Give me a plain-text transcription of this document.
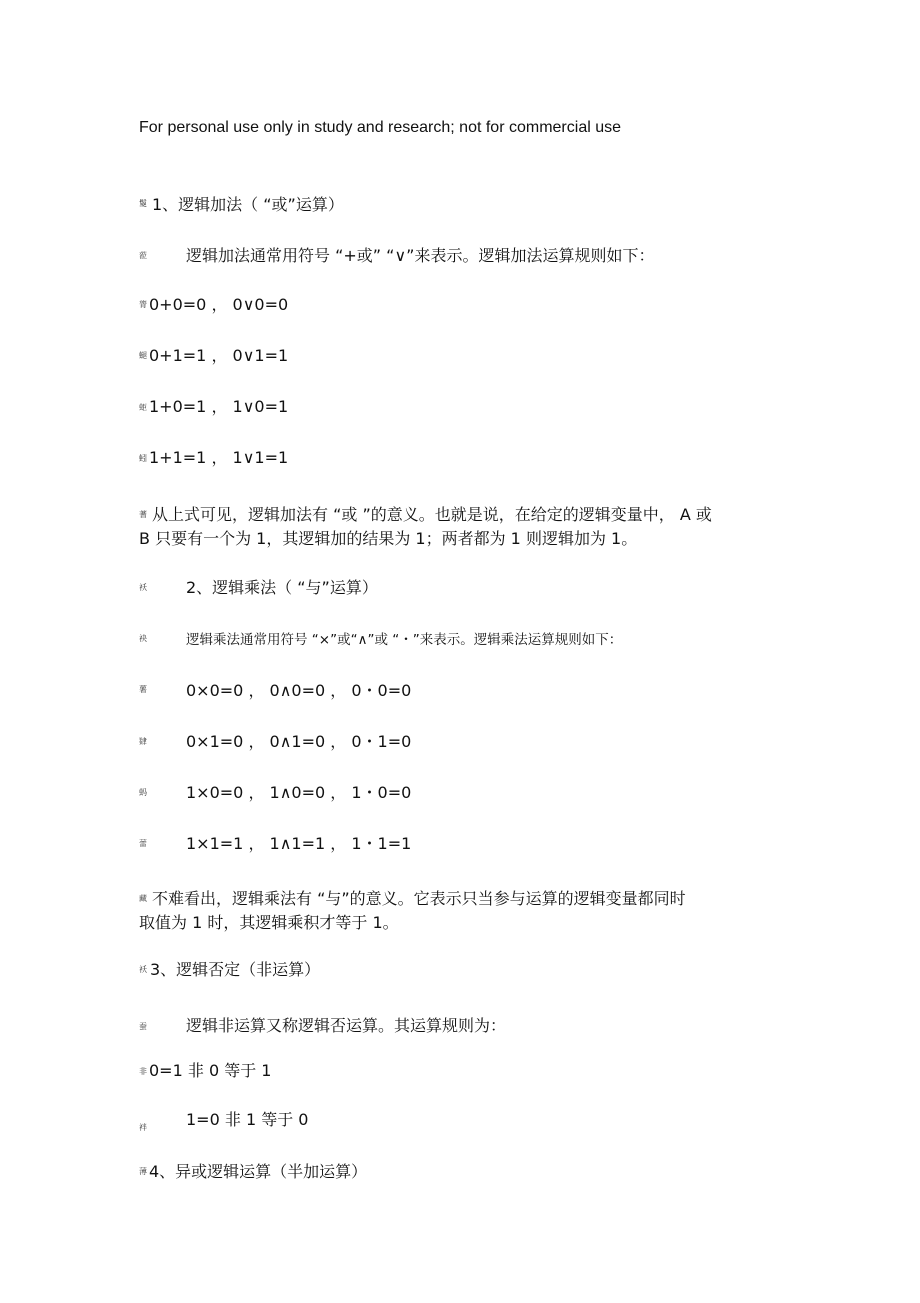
For personal use only in study and research; not for commercial use
鬉 1、逻辑加法（ “或”运算）
蒞 逻辑加法通常用符号 “+或” “∨”来表示。逻辑加法运算规则如下：
膂 0+0=0 ， 0∨0=0
螁 0+1=1 ， 0∨1=1
蚷 1+0=1 ， 1∨0=1
蚓 1+1=1 ， 1∨1=1
蓍 从上式可见，逻辑加法有 “或 ”的意义。也就是说，在给定的逻辑变量中， A 或
B 只要有一个为 1，其逻辑加的结果为 1；两者都为 1 则逻辑加为 1。
袄 2、逻辑乘法（ “与”运算）
袂	逻辑乘法通常用符号 “×”或“∧”或 “・”来表示。逻辑乘法运算规则如下：
薯 0×0=0 ， 0∧0=0 ， 0・0=0
肄 0×1=0 ， 0∧1=0 ， 0・1=0
蚂 1×0=0 ， 1∧0=0 ， 1・0=0
蕾 1×1=1 ， 1∧1=1 ， 1・1=1
藏 不难看出，逻辑乘法有 “与”的意义。它表示只当参与运算的逻辑变量都同时
取值为 1 时，其逻辑乘积才等于 1。
袄 3、逻辑否定（非运算）
蚕 逻辑非运算又称逻辑否运算。其运算规则为：
非 0=1 非 0 等于 1
袢 1=0 非 1 等于 0
薄 4、异或逻辑运算（半加运算）
